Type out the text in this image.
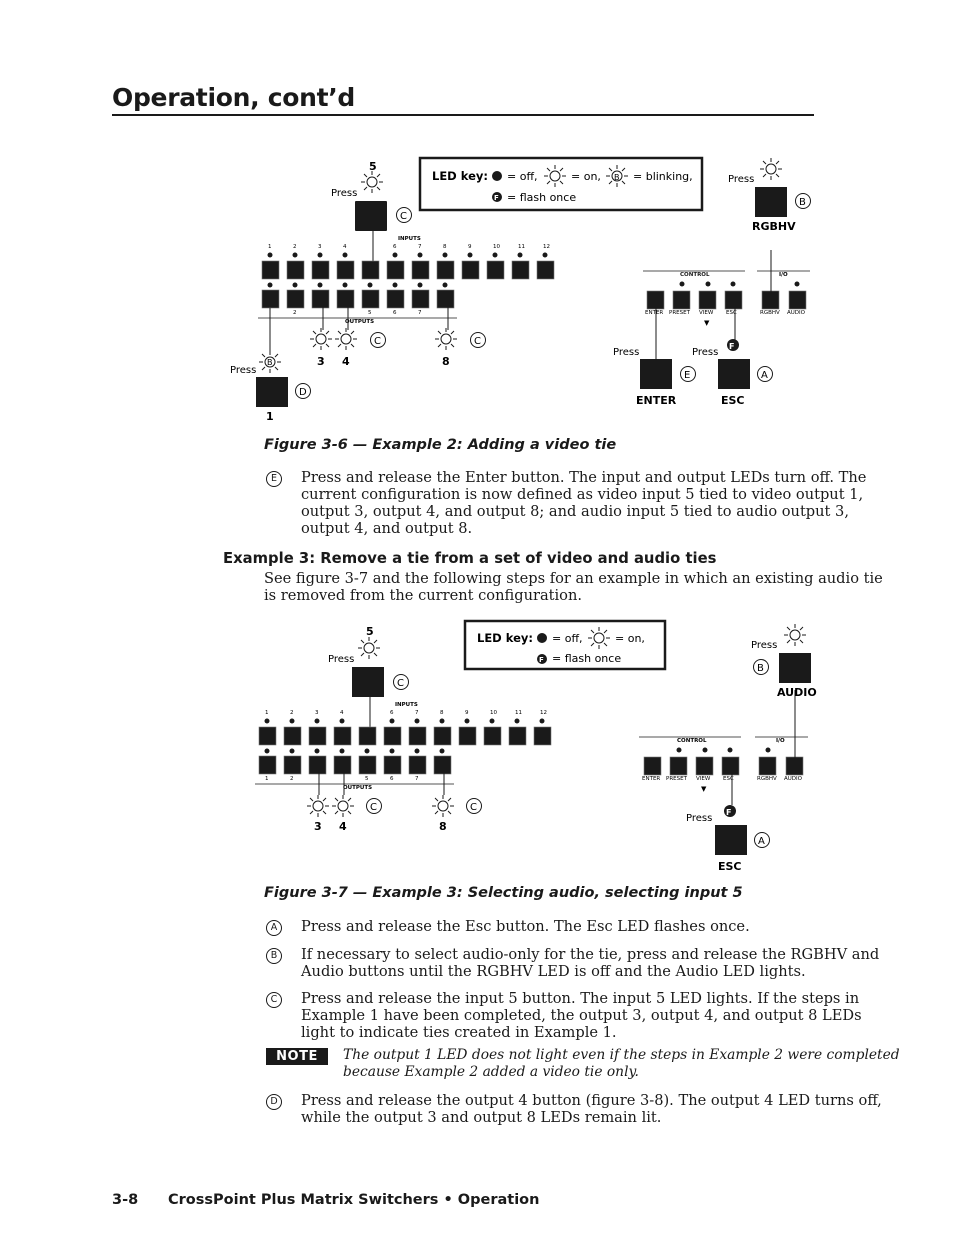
Operation, cont’d
LED key: = off,	= on, B = blinking,
F = flash once
5
Press
C
INPUTS
1	2	3	4	6	7	8	9	10	11	12
2	5	6	7
OUTPUTS
C	C
3 4	8
B
Press
D
1
CONTROL	I/O
ENTER PRESET VIEW ESC	RGBHV AUDIO
▼
Press
E
ENTER
Press
F
A
ESC
Press
B
RGBHV
Figure 3-6 — Example 2: Adding a video tie
E	Press and release the Enter button. The input and output LEDs turn off. The
current configuration is now defined as video input 5 tied to video output 1,
output 3, output 4, and output 8; and audio input 5 tied to audio output 3,
output 4, and output 8.
Example 3: Remove a tie from a set of video and audio ties
See figure 3-7 and the following steps for an example in which an existing audio tie
is removed from the current configuration.
LED key: = off,	= on,
F = flash once
5
Press
C
INPUTS
1	2	3	4	6	7	8	9	10	11	12
1	2	5	6	7
OUTPUTS
C	C
3 4	8
CONTROL	I/O
ENTER PRESET VIEW ESC	RGBHV AUDIO
▼
Press
F
A
ESC
Press
B
AUDIO
Figure 3-7 — Example 3: Selecting audio, selecting input 5
A	Press and release the Esc button. The Esc LED flashes once.
B	If necessary to select audio-only for the tie, press and release the RGBHV and
Audio buttons until the RGBHV LED is off and the Audio LED lights.
C	Press and release the input 5 button. The input 5 LED lights. If the steps in
Example 1 have been completed, the output 3, output 4, and output 8 LEDs
light to indicate ties created in Example 1.
NOTE	The output 1 LED does not light even if the steps in Example 2 were completed
because Example 2 added a video tie only.
D Press and release the output 4 button (figure 3-8). The output 4 LED turns off,
while the output 3 and output 8 LEDs remain lit.
3-8 CrossPoint Plus Matrix Switchers • Operation
